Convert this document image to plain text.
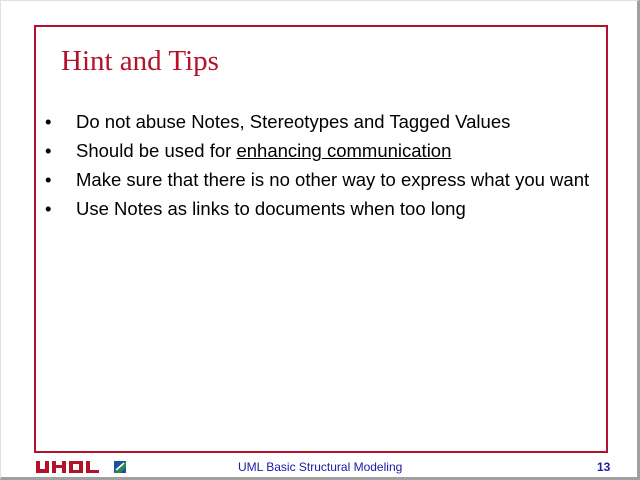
Hint and Tips
• Do not abuse Notes, Stereotypes and Tagged Values
• Should be used for enhancing communication
• Make sure that there is no other way to express what you want
• Use Notes as links to documents when too long
UML Basic Structural Modeling	13
